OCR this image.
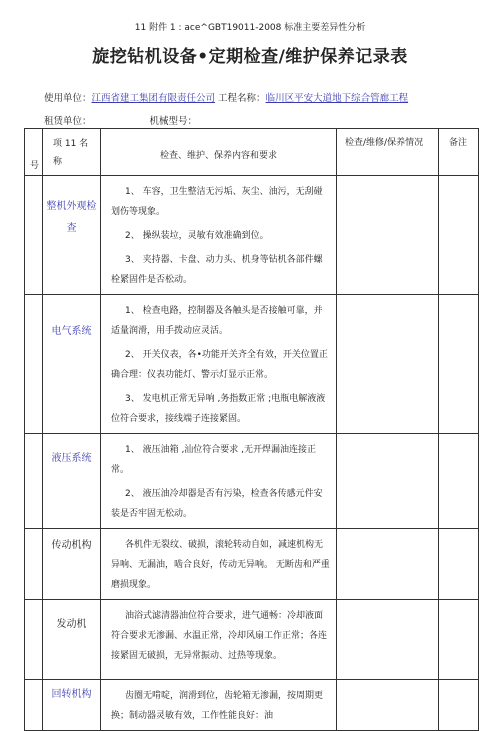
11 附件 1 : ace^GBT19011-2008 标准主要差异性分析
旋挖钻机设备•定期检查/维护保养记录表
使用单位：江西省建工集团有限责任公司 工程名称：临川区平安大道地下综合管廊工程
租赁单位：	机械型号：
号	项 11 名称	检查、维护、保养内容和要求	检查/维修/保养情况	备注

	整机外观检查	1、 车容，卫生整洁无污垢、灰尘、油污，无刮碰划伤等现象。

2、 操纵装垃，灵敏有效准确到位。

3、 夹持器、卡盘、动力头、机身等钻机各部件螺栓紧固件是否松动。		

	电气系统	1、 检查电路，控制器及各触头是否接触可靠，并适量润滑，用手拨动应灵活。

2、 开关仪表，各•功能开关齐全有效，开关位置正确合理：仪表功能灯、警示灯显示正常。

3、 发电机正常无异响 ,务指数正常 ;电瓶电解液液位符合要求，接线端子连接紧固。		

	液压系统	1、 液压油箱 ,汕位符合要求 ,无开焊漏油连接正常。

2、 液压油冷却器是否有污染，检查各传感元件安装是否牢固无松动。		

	传动机构	各机件无裂纹、破损，滚轮转动自如，减速机构无异响、无漏油，啮合良好，传动无异响。 无断齿和严重磨损现象。		

	发动机	油浴式滤清器油位符合要求，进气通畅：冷却液面符合要求无渗漏、水温正常，冷却风扇工作正常；各连接紧固无破损，无异常振动、过热等现象。		

	回转机构	齿圈无啃啶，润滑到位，齿轮箱无渗漏，按周期更换；制动器灵敏有效，工作性能良好：油		
